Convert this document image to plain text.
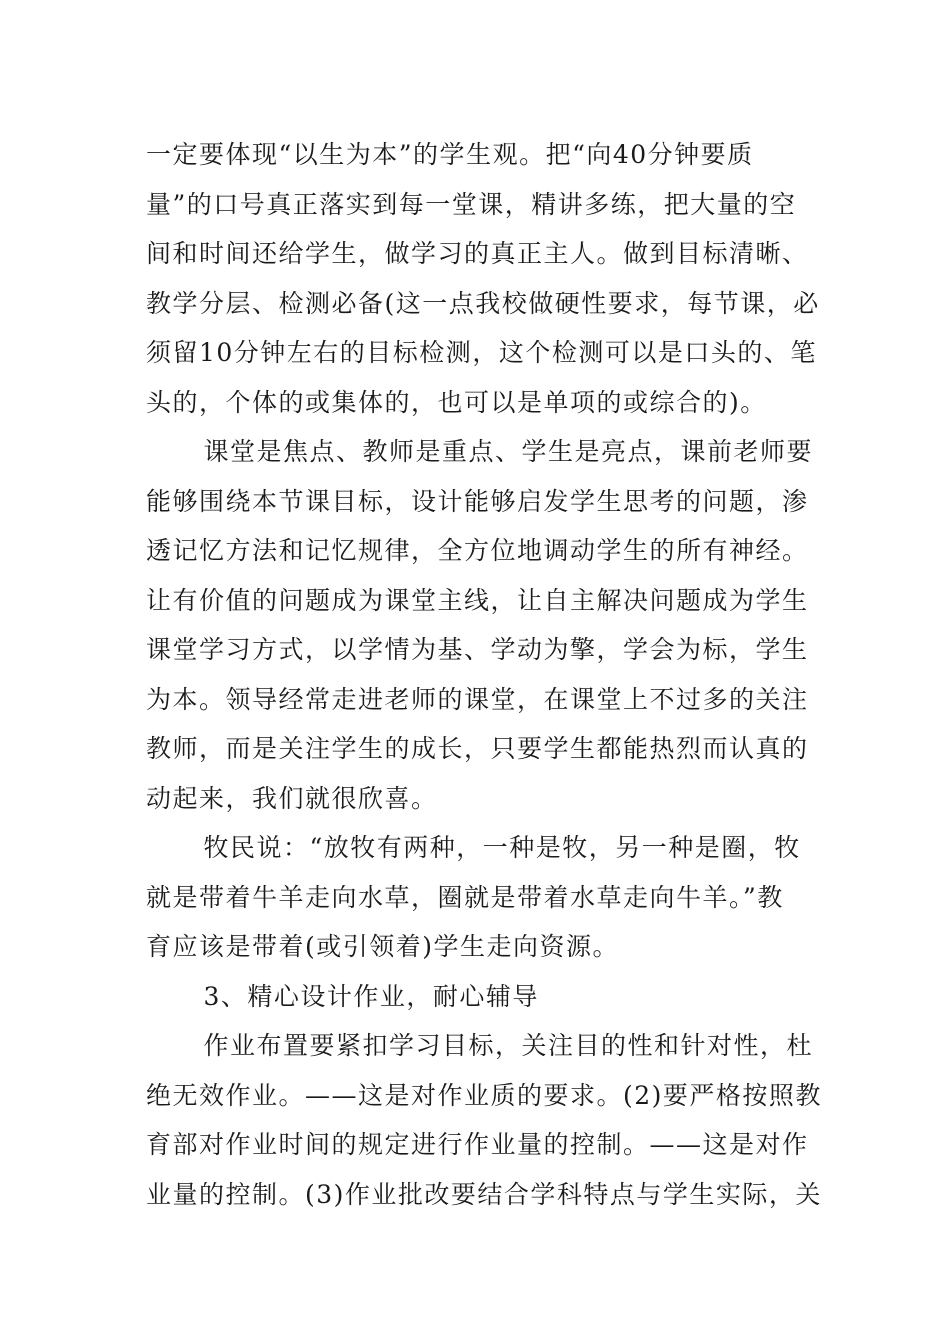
一定要体现“以生为本”的学生观。把“向40分钟要质
量”的口号真正落实到每一堂课，精讲多练，把大量的空
间和时间还给学生，做学习的真正主人。做到目标清晰、
教学分层、检测必备(这一点我校做硬性要求，每节课，必
须留10分钟左右的目标检测，这个检测可以是口头的、笔
头的，个体的或集体的，也可以是单项的或综合的)。
课堂是焦点、教师是重点、学生是亮点，课前老师要
能够围绕本节课目标，设计能够启发学生思考的问题，渗
透记忆方法和记忆规律，全方位地调动学生的所有神经。
让有价值的问题成为课堂主线，让自主解决问题成为学生
课堂学习方式，以学情为基、学动为擎，学会为标，学生
为本。领导经常走进老师的课堂，在课堂上不过多的关注
教师，而是关注学生的成长，只要学生都能热烈而认真的
动起来，我们就很欣喜。
牧民说：“放牧有两种，一种是牧，另一种是圈，牧
就是带着牛羊走向水草，圈就是带着水草走向牛羊。”教
育应该是带着(或引领着)学生走向资源。
3、精心设计作业，耐心辅导
作业布置要紧扣学习目标，关注目的性和针对性，杜
绝无效作业。——这是对作业质的要求。(2)要严格按照教
育部对作业时间的规定进行作业量的控制。——这是对作
业量的控制。(3)作业批改要结合学科特点与学生实际，关
